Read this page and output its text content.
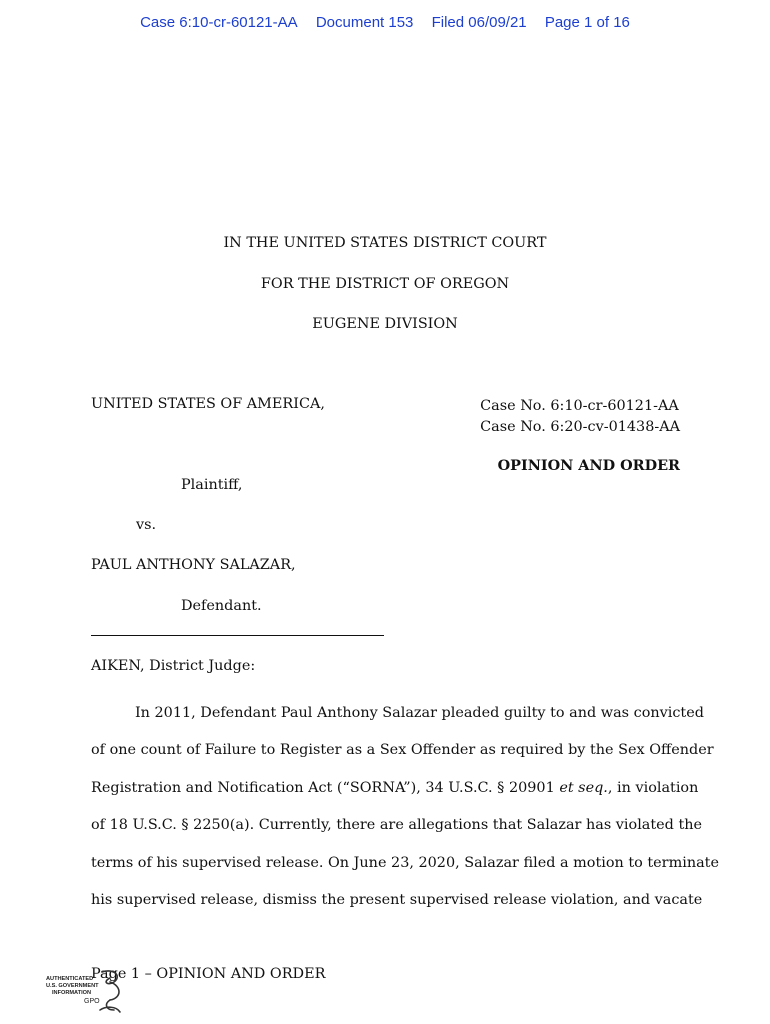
Case 6:10-cr-60121-AA Document 153 Filed 06/09/21 Page 1 of 16
IN THE UNITED STATES DISTRICT COURT
FOR THE DISTRICT OF OREGON
EUGENE DIVISION
UNITED STATES OF AMERICA,	Case No. 6:10-cr-60121-AA
Case No. 6:20-cv-01438-AA
OPINION AND ORDER
Plaintiff,
vs.
PAUL ANTHONY SALAZAR,
Defendant.
AIKEN, District Judge:
In 2011, Defendant Paul Anthony Salazar pleaded guilty to and was convicted
of one count of Failure to Register as a Sex Offender as required by the Sex Offender
Registration and Notification Act (“SORNA”), 34 U.S.C. § 20901 et seq., in violation
of 18 U.S.C. § 2250(a). Currently, there are allegations that Salazar has violated the
terms of his supervised release. On June 23, 2020, Salazar filed a motion to terminate
his supervised release, dismiss the present supervised release violation, and vacate
Page 1 – OPINION AND ORDER
AUTHENTICATED
U.S. GOVERNMENT
INFORMATION
GPO
